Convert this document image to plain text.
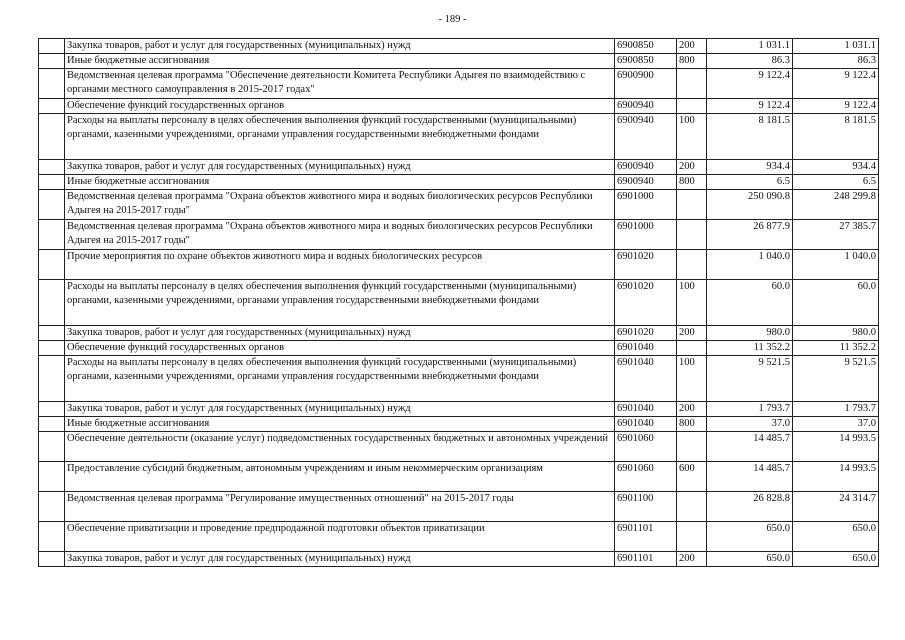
- 189 -
	Закупка товаров, работ и услуг для государственных (муниципальных) нужд	6900850	200	1 031.1	1 031.1
	Иные бюджетные ассигнования	6900850	800	86.3	86.3
	Ведомственная целевая программа "Обеспечение деятельности Комитета Республики Адыгея по взаимодействию с органами местного самоуправления в 2015-2017 годах"	6900900		9 122.4	9 122.4
	Обеспечение функций государственных органов	6900940		9 122.4	9 122.4
	Расходы на выплаты персоналу в целях обеспечения выполнения функций государственными (муниципальными) органами, казенными учреждениями, органами управления государственными внебюджетными фондами	6900940	100	8 181.5	8 181.5
	Закупка товаров, работ и услуг для государственных (муниципальных) нужд	6900940	200	934.4	934.4
	Иные бюджетные ассигнования	6900940	800	6.5	6.5
	Ведомственная целевая программа "Охрана объектов животного мира и водных биологических ресурсов Республики Адыгея на 2015-2017 годы"	6901000		250 090.8	248 299.8
	Ведомственная целевая программа "Охрана объектов животного мира и водных биологических ресурсов Республики Адыгея на 2015-2017 годы"	6901000		26 877.9	27 385.7
	Прочие мероприятия по охране объектов животного мира и водных биологических ресурсов	6901020		1 040.0	1 040.0
	Расходы на выплаты персоналу в целях обеспечения выполнения функций государственными (муниципальными) органами, казенными учреждениями, органами управления государственными внебюджетными фондами	6901020	100	60.0	60.0
	Закупка товаров, работ и услуг для государственных (муниципальных) нужд	6901020	200	980.0	980.0
	Обеспечение функций государственных органов	6901040		11 352.2	11 352.2
	Расходы на выплаты персоналу в целях обеспечения выполнения функций государственными (муниципальными) органами, казенными учреждениями, органами управления государственными внебюджетными фондами	6901040	100	9 521.5	9 521.5
	Закупка товаров, работ и услуг для государственных (муниципальных) нужд	6901040	200	1 793.7	1 793.7
	Иные бюджетные ассигнования	6901040	800	37.0	37.0
	Обеспечение деятельности (оказание услуг) подведомственных государственных бюджетных и автономных учреждений	6901060		14 485.7	14 993.5
	Предоставление субсидий бюджетным, автономным учреждениям и иным некоммерческим организациям	6901060	600	14 485.7	14 993.5
	Ведомственная целевая программа "Регулирование имущественных отношений" на 2015-2017 годы	6901100		26 828.8	24 314.7
	Обеспечение приватизации и проведение предпродажной подготовки объектов приватизации	6901101		650.0	650.0
	Закупка товаров, работ и услуг для государственных (муниципальных) нужд	6901101	200	650.0	650.0
